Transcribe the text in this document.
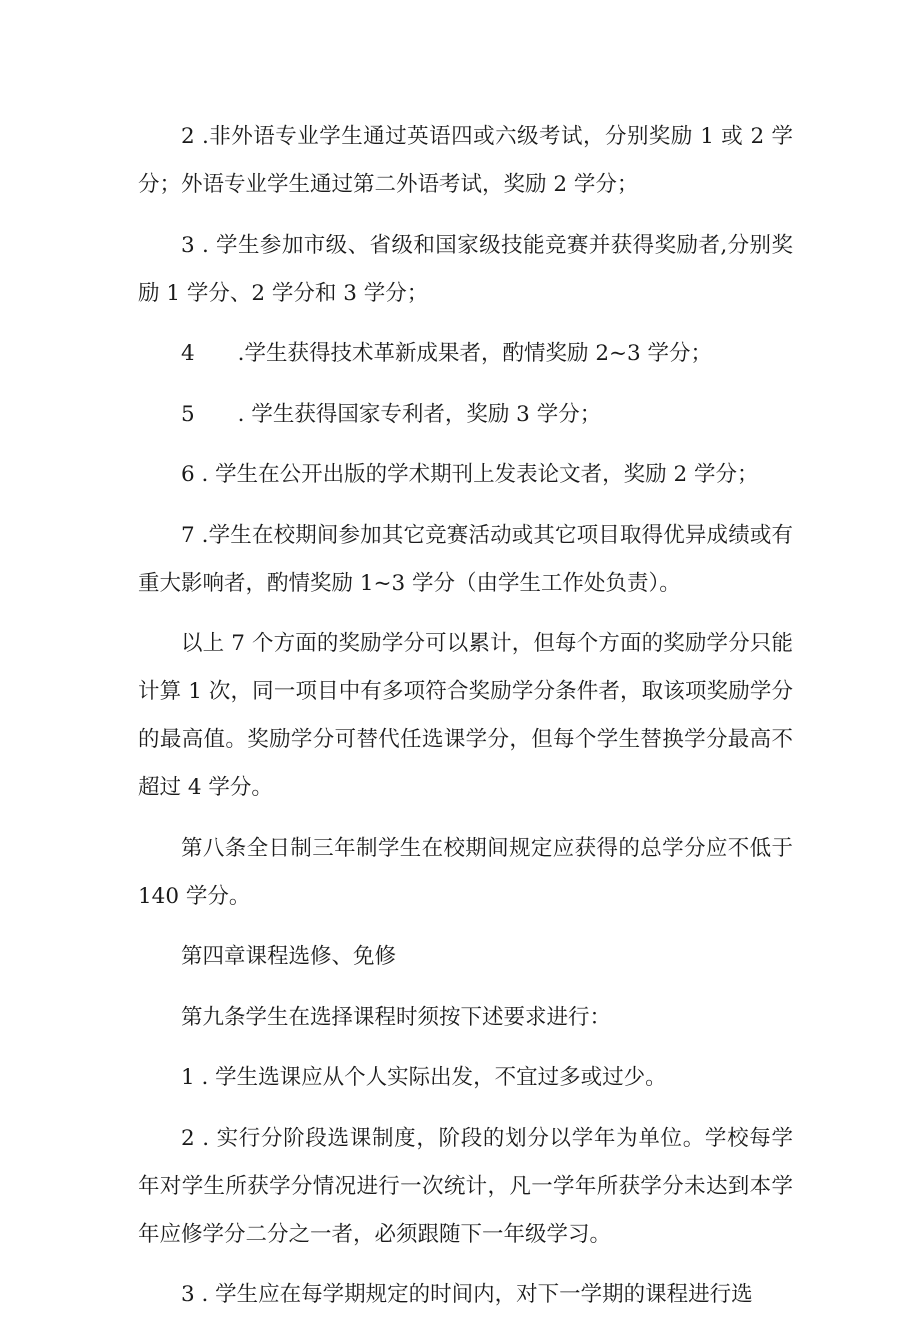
2 .非外语专业学生通过英语四或六级考试，分别奖励 1 或 2 学分；外语专业学生通过第二外语考试，奖励 2 学分；

3 . 学生参加市级、省级和国家级技能竞赛并获得奖励者,分别奖励 1 学分、2 学分和 3 学分；

4　　.学生获得技术革新成果者，酌情奖励 2~3 学分；

5　　. 学生获得国家专利者，奖励 3 学分；

6 . 学生在公开出版的学术期刊上发表论文者，奖励 2 学分；

7 .学生在校期间参加其它竞赛活动或其它项目取得优异成绩或有重大影响者，酌情奖励 1~3 学分（由学生工作处负责）。

以上 7 个方面的奖励学分可以累计，但每个方面的奖励学分只能计算 1 次，同一项目中有多项符合奖励学分条件者，取该项奖励学分的最高值。奖励学分可替代任选课学分，但每个学生替换学分最高不超过 4 学分。

第八条全日制三年制学生在校期间规定应获得的总学分应不低于 140 学分。

第四章课程选修、免修

第九条学生在选择课程时须按下述要求进行：

1 . 学生选课应从个人实际出发，不宜过多或过少。

2 . 实行分阶段选课制度，阶段的划分以学年为单位。学校每学年对学生所获学分情况进行一次统计，凡一学年所获学分未达到本学年应修学分二分之一者，必须跟随下一年级学习。

3 . 学生应在每学期规定的时间内，对下一学期的课程进行选
